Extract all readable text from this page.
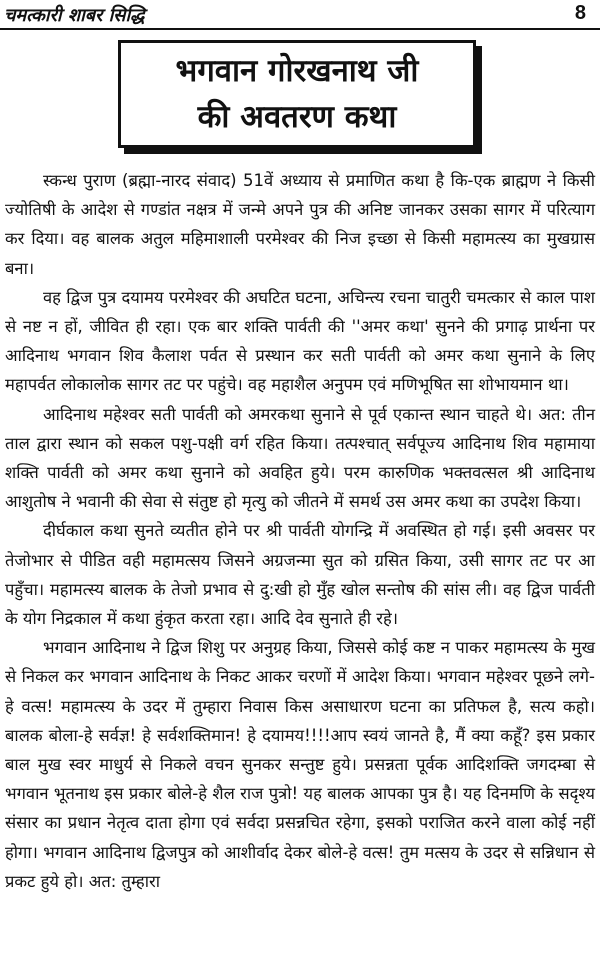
चमत्कारी शाबर सिद्धि	8
भगवान गोरखनाथ जी
की अवतरण कथा

स्कन्ध पुराण (ब्रह्मा-नारद संवाद) 51वें अध्याय से प्रमाणित कथा है कि-एक ब्राह्मण ने किसी ज्योतिषी के आदेश से गण्डांत नक्षत्र में जन्मे अपने पुत्र की अनिष्ट जानकर उसका सागर में परित्याग कर दिया। वह बालक अतुल महिमाशाली परमेश्वर की निज इच्छा से किसी महामत्स्य का मुखग्रास बना।

वह द्विज पुत्र दयामय परमेश्वर की अघटित घटना, अचिन्त्य रचना चातुरी चमत्कार से काल पाश से नष्ट न हों, जीवित ही रहा। एक बार शक्ति पार्वती की ''अमर कथा' सुनने की प्रगाढ़ प्रार्थना पर आदिनाथ भगवान शिव कैलाश पर्वत से प्रस्थान कर सती पार्वती को अमर कथा सुनाने के लिए महापर्वत लोकालोक सागर तट पर पहुंचे। वह महाशैल अनुपम एवं मणिभूषित सा शोभायमान था।

आदिनाथ महेश्वर सती पार्वती को अमरकथा सुनाने से पूर्व एकान्त स्थान चाहते थे। अत: तीन ताल द्वारा स्थान को सकल पशु-पक्षी वर्ग रहित किया। तत्पश्चात् सर्वपूज्य आदिनाथ शिव महामाया शक्ति पार्वती को अमर कथा सुनाने को अवहित हुये। परम कारुणिक भक्तवत्सल श्री आदिनाथ आशुतोष ने भवानी की सेवा से संतुष्ट हो मृत्यु को जीतने में समर्थ उस अमर कथा का उपदेश किया।

दीर्घकाल कथा सुनते व्यतीत होने पर श्री पार्वती योगन्द्रि में अवस्थित हो गई। इसी अवसर पर तेजोभार से पीडित वही महामत्सय जिसने अग्रजन्मा सुत को ग्रसित किया, उसी सागर तट पर आ पहुँचा। महामत्स्य बालक के तेजो प्रभाव से दु:खी हो मुँह खोल सन्तोष की सांस ली। वह द्विज पार्वती के योग निद्रकाल में कथा हुंकृत करता रहा। आदि देव सुनाते ही रहे।

भगवान आदिनाथ ने द्विज शिशु पर अनुग्रह किया, जिससे कोई कष्ट न पाकर महामत्स्य के मुख से निकल कर भगवान आदिनाथ के निकट आकर चरणों में आदेश किया। भगवान महेश्वर पूछने लगे-हे वत्स! महामत्स्य के उदर में तुम्हारा निवास किस असाधारण घटना का प्रतिफल है, सत्य कहो। बालक बोला-हे सर्वज्ञ! हे सर्वशक्तिमान! हे दयामय!!!!आप स्वयं जानते है, मैं क्या कहूँ? इस प्रकार बाल मुख स्वर माधुर्य से निकले वचन सुनकर सन्तुष्ट हुये। प्रसन्नता पूर्वक आदिशक्ति जगदम्बा से भगवान भूतनाथ इस प्रकार बोले-हे शैल राज पुत्रो! यह बालक आपका पुत्र है। यह दिनमणि के सदृश्य संसार का प्रधान नेतृत्व दाता होगा एवं सर्वदा प्रसन्नचित रहेगा, इसको पराजित करने वाला कोई नहीं होगा। भगवान आदिनाथ द्विजपुत्र को आशीर्वाद देकर बोले-हे वत्स! तुम मत्सय के उदर से सन्निधान से प्रकट हुये हो। अत: तुम्हारा
